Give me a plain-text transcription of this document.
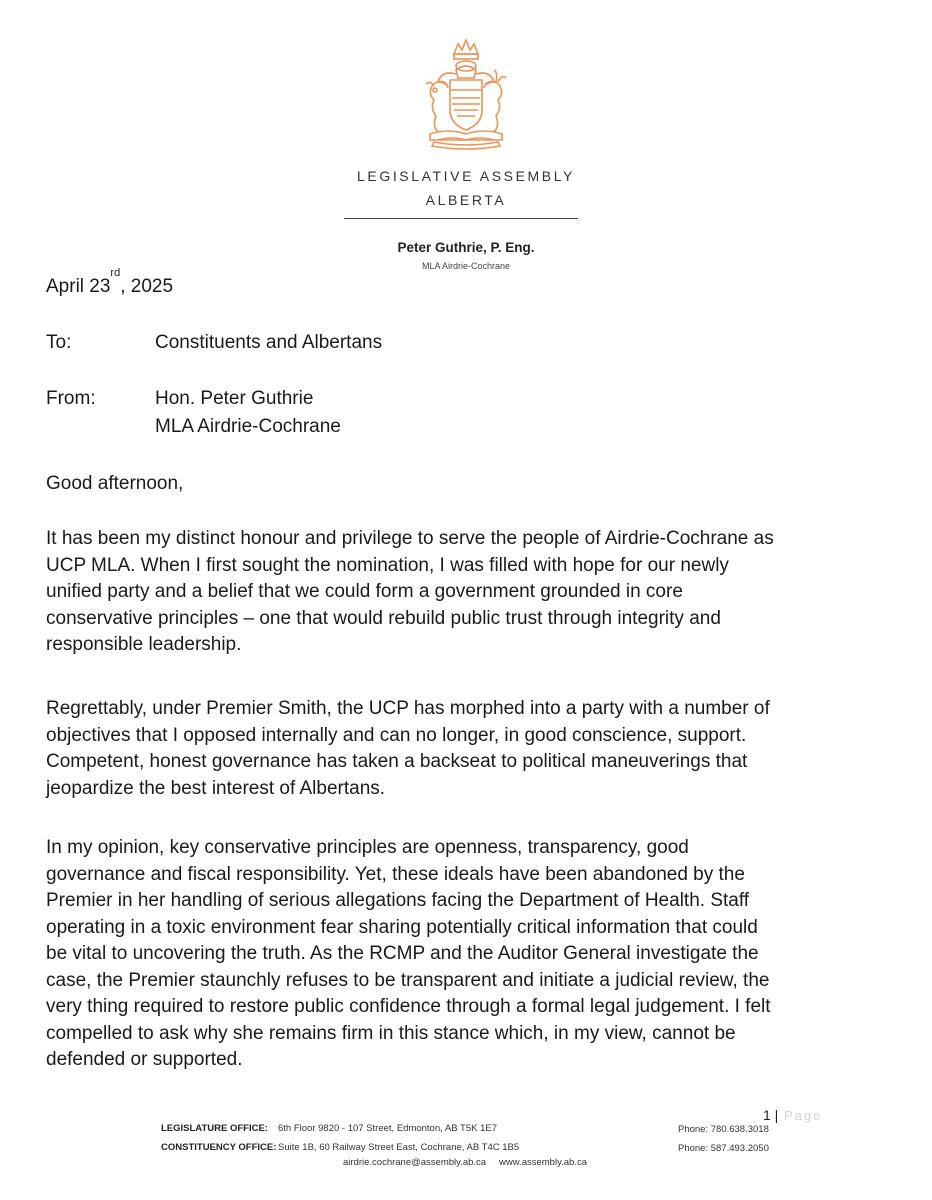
LEGISLATIVE ASSEMBLY
ALBERTA
Peter Guthrie, P. Eng.
MLA Airdrie-Cochrane
April 23rd, 2025
To:	Constituents and Albertans
From:	Hon. Peter Guthrie
MLA Airdrie-Cochrane
Good afternoon,
It has been my distinct honour and privilege to serve the people of Airdrie-Cochrane as
UCP MLA. When I first sought the nomination, I was filled with hope for our newly
unified party and a belief that we could form a government grounded in core
conservative principles – one that would rebuild public trust through integrity and
responsible leadership.
Regrettably, under Premier Smith, the UCP has morphed into a party with a number of
objectives that I opposed internally and can no longer, in good conscience, support.
Competent, honest governance has taken a backseat to political maneuverings that
jeopardize the best interest of Albertans.
In my opinion, key conservative principles are openness, transparency, good
governance and fiscal responsibility. Yet, these ideals have been abandoned by the
Premier in her handling of serious allegations facing the Department of Health. Staff
operating in a toxic environment fear sharing potentially critical information that could
be vital to uncovering the truth. As the RCMP and the Auditor General investigate the
case, the Premier staunchly refuses to be transparent and initiate a judicial review, the
very thing required to restore public confidence through a formal legal judgement. I felt
compelled to ask why she remains firm in this stance which, in my view, cannot be
defended or supported.
1 | Page
LEGISLATURE OFFICE: 6th Floor 9820 - 107 Street, Edmonton, AB T5K 1E7	Phone: 780.638.3018
CONSTITUENCY OFFICE: Suite 1B, 60 Railway Street East, Cochrane, AB T4C 1B5	Phone: 587.493.2050
airdrie.cochrane@assembly.ab.ca www.assembly.ab.ca
